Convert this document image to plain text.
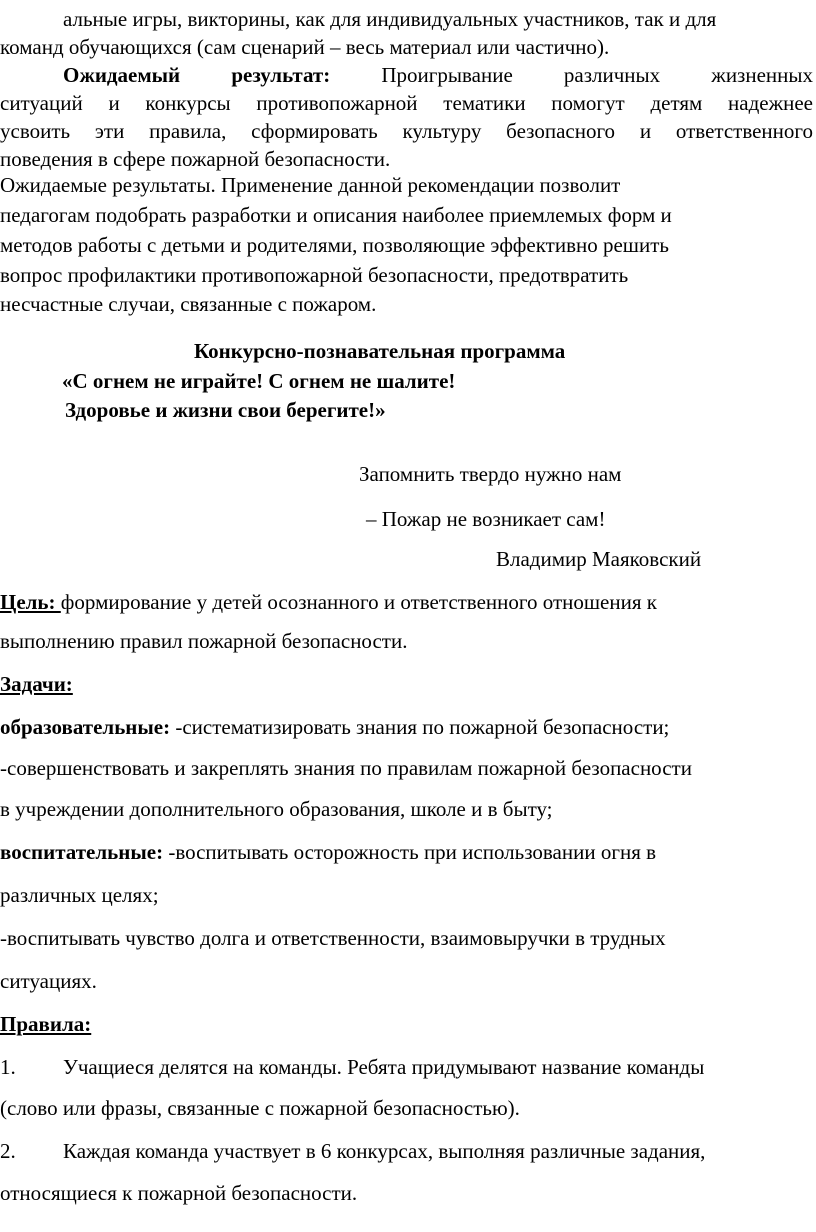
альные игры, викторины, как для индивидуальных участников, так и для
команд обучающихся (сам сценарий – весь материал или частично).
Ожидаемый результат: Проигрывание различных жизненных
ситуаций и конкурсы противопожарной тематики помогут детям надежнее
усвоить эти правила, сформировать культуру безопасного и ответственного
поведения в сфере пожарной безопасности.
Ожидаемые результаты. Применение данной рекомендации позволит
педагогам подобрать разработки и описания наиболее приемлемых форм и
методов работы с детьми и родителями, позволяющие эффективно решить
вопрос профилактики противопожарной безопасности, предотвратить
несчастные случаи, связанные с пожаром.
Конкурсно-познавательная программа
«С огнем не играйте! С огнем не шалите!
Здоровье и жизни свои берегите!»
Запомнить твердо нужно нам
– Пожар не возникает сам!
Владимир Маяковский
Цель: формирование у детей осознанного и ответственного отношения к
выполнению правил пожарной безопасности.
Задачи:
образовательные: -систематизировать знания по пожарной безопасности;
-совершенствовать и закреплять знания по правилам пожарной безопасности
в учреждении дополнительного образования, школе и в быту;
воспитательные: -воспитывать осторожность при использовании огня в
различных целях;
-воспитывать чувство долга и ответственности, взаимовыручки в трудных
ситуациях.
Правила:
1. Учащиеся делятся на команды. Ребята придумывают название команды
(слово или фразы, связанные с пожарной безопасностью).
2. Каждая команда участвует в 6 конкурсах, выполняя различные задания,
относящиеся к пожарной безопасности.
